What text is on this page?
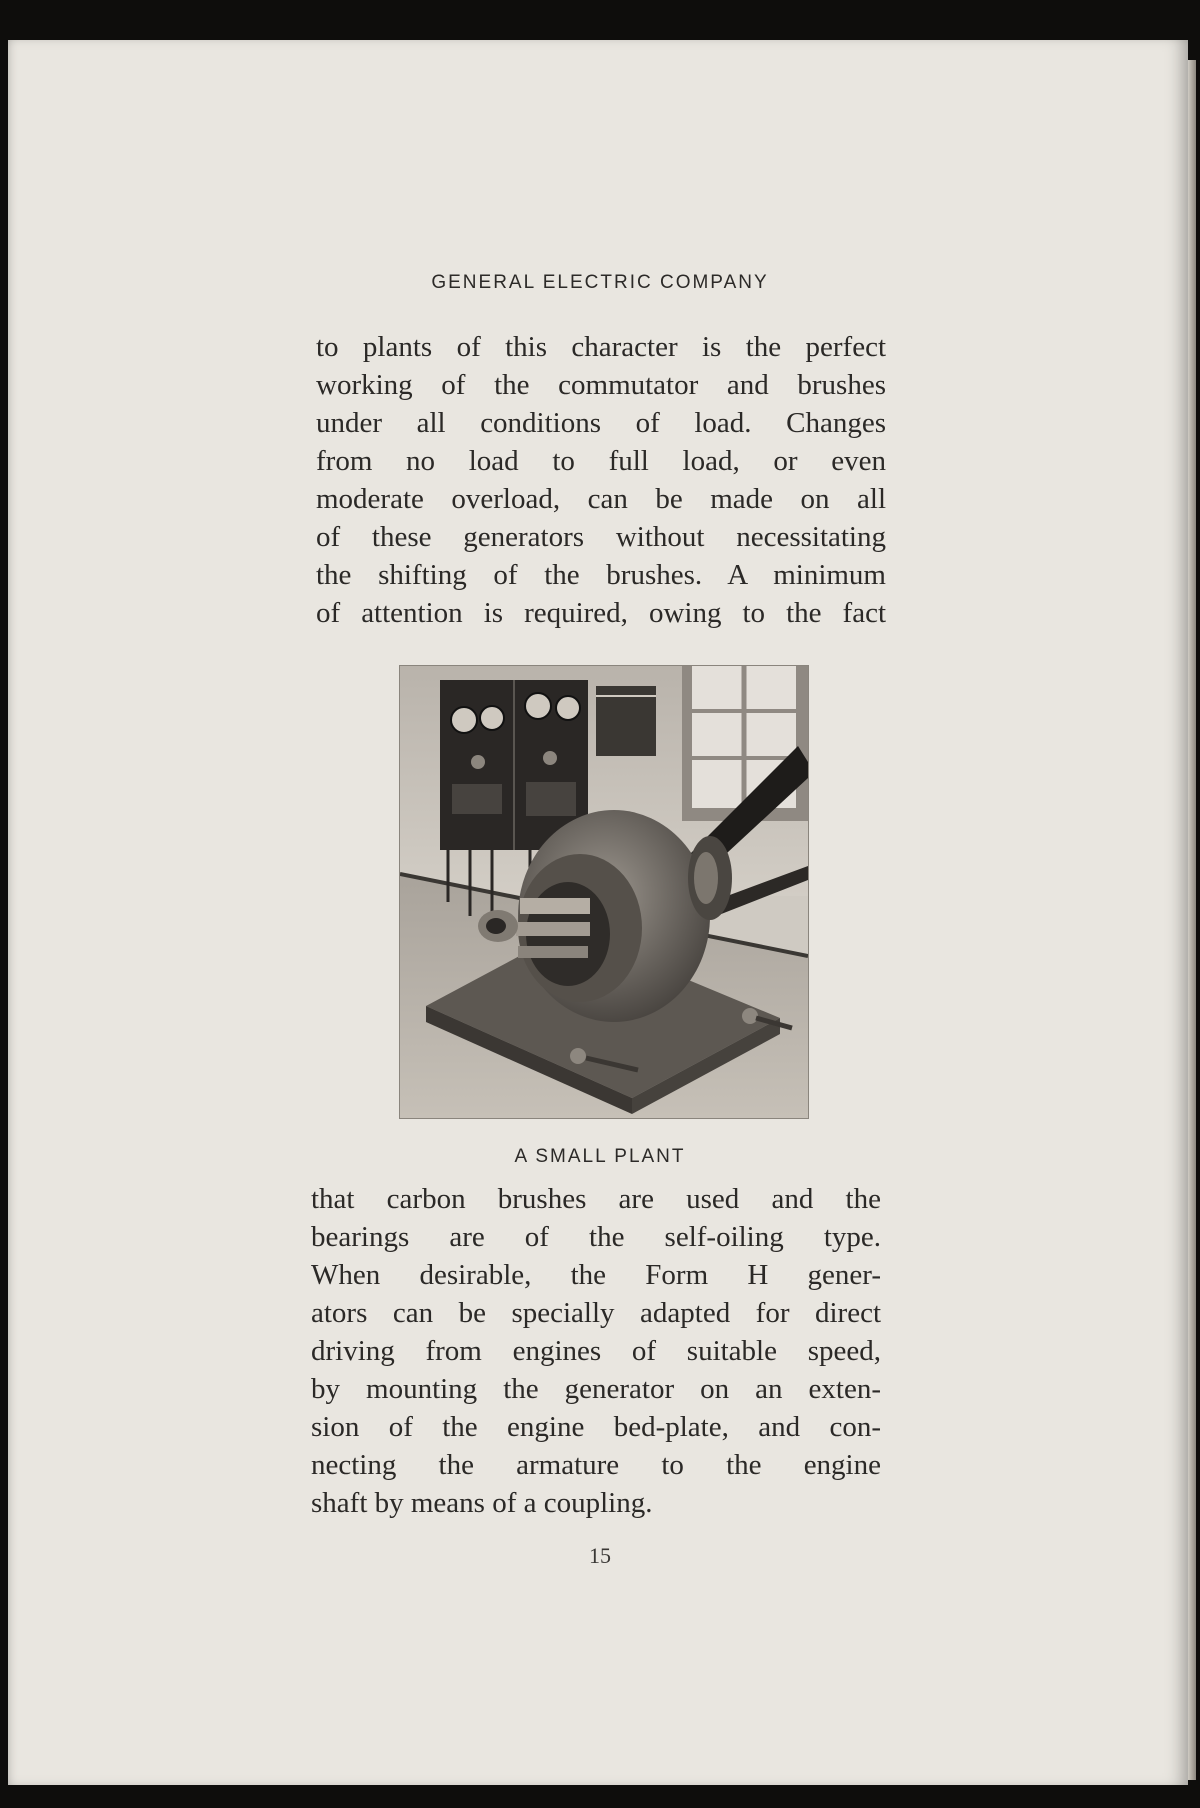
GENERAL ELECTRIC COMPANY
to plants of this character is the perfect
working of the commutator and brushes
under all conditions of load. Changes
from no load to full load, or even
moderate overload, can be made on all
of these generators without necessitating
the shifting of the brushes. A minimum
of attention is required, owing to the fact
A SMALL PLANT
that carbon brushes are used and the
bearings are of the self-oiling type.
When desirable, the Form H gener-
ators can be specially adapted for direct
driving from engines of suitable speed,
by mounting the generator on an exten-
sion of the engine bed-plate, and con-
necting the armature to the engine
shaft by means of a coupling.
15
